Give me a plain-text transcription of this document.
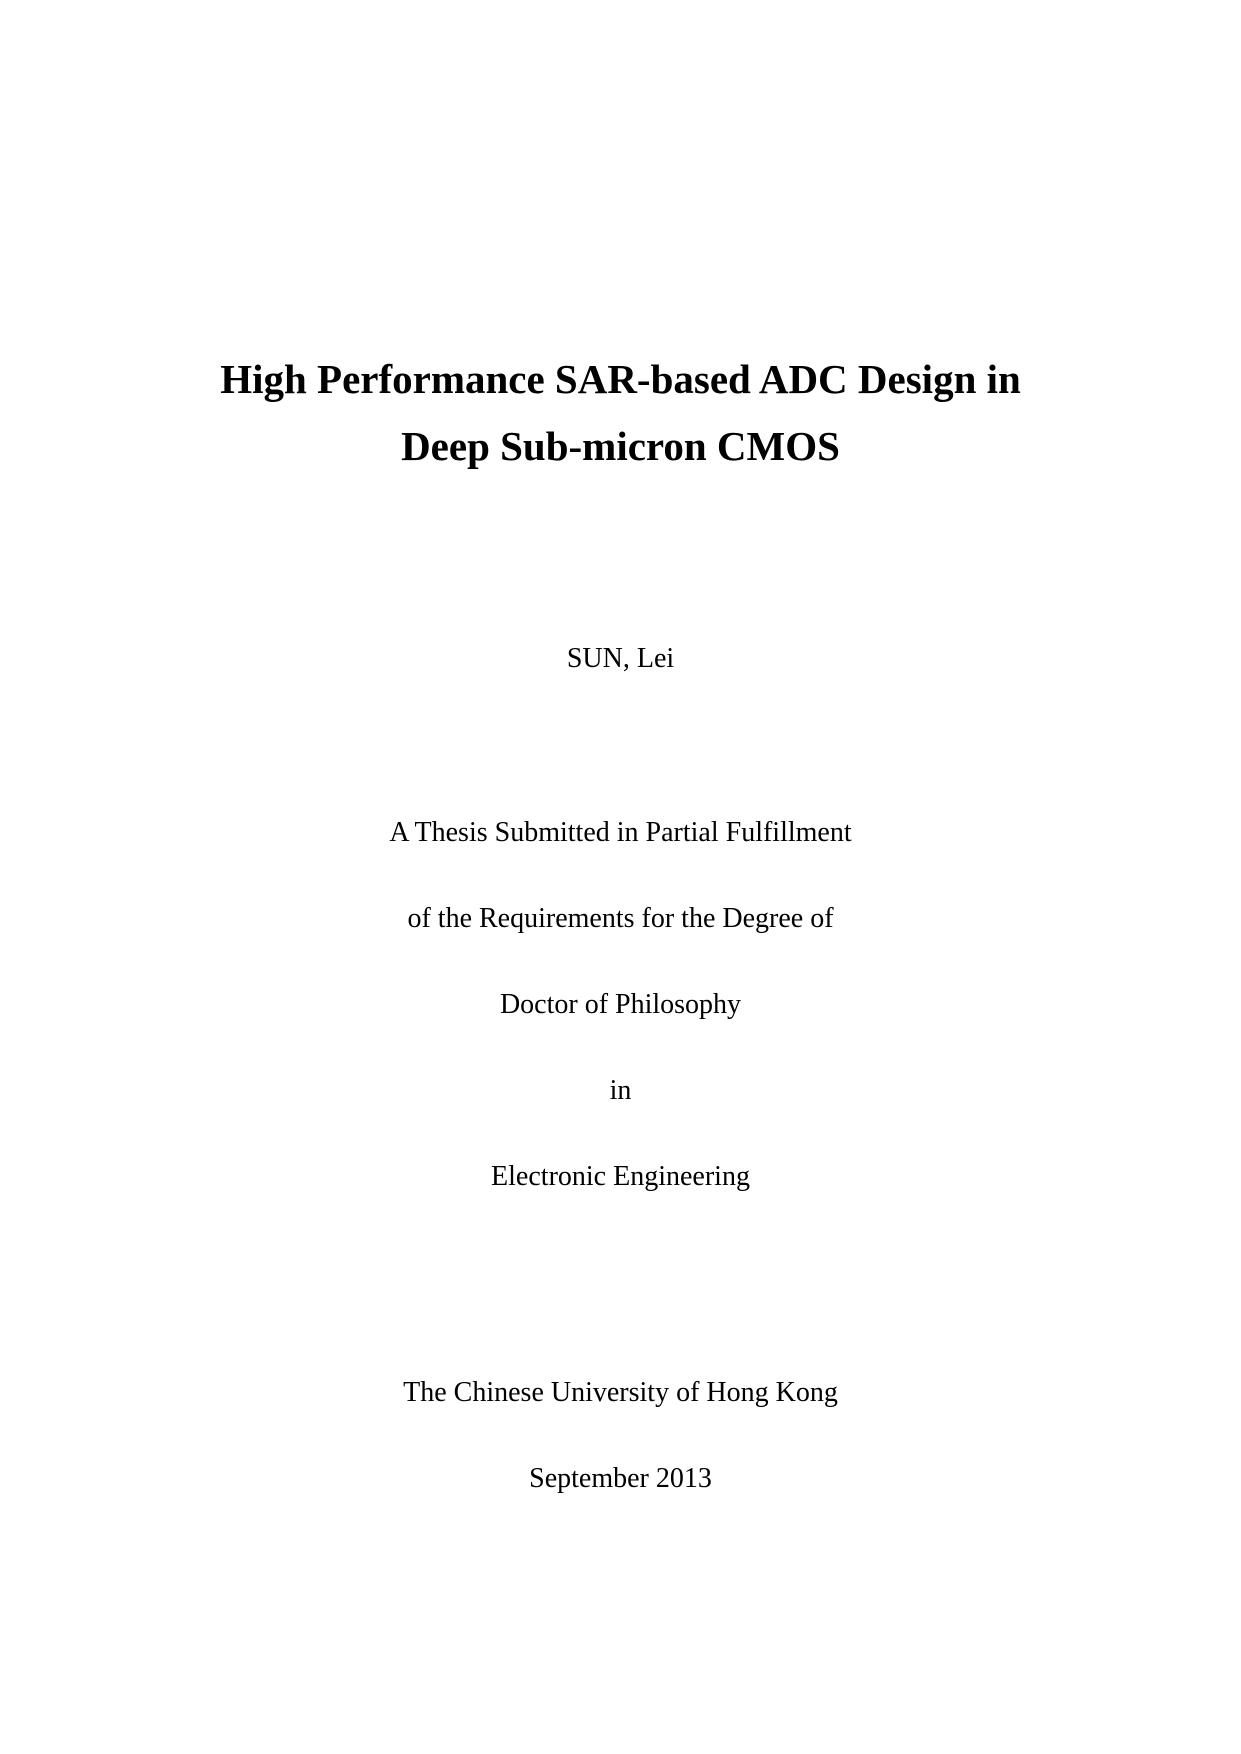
High Performance SAR-based ADC Design in
Deep Sub-micron CMOS
SUN, Lei
A Thesis Submitted in Partial Fulfillment
of the Requirements for the Degree of
Doctor of Philosophy
in
Electronic Engineering
The Chinese University of Hong Kong
September 2013
